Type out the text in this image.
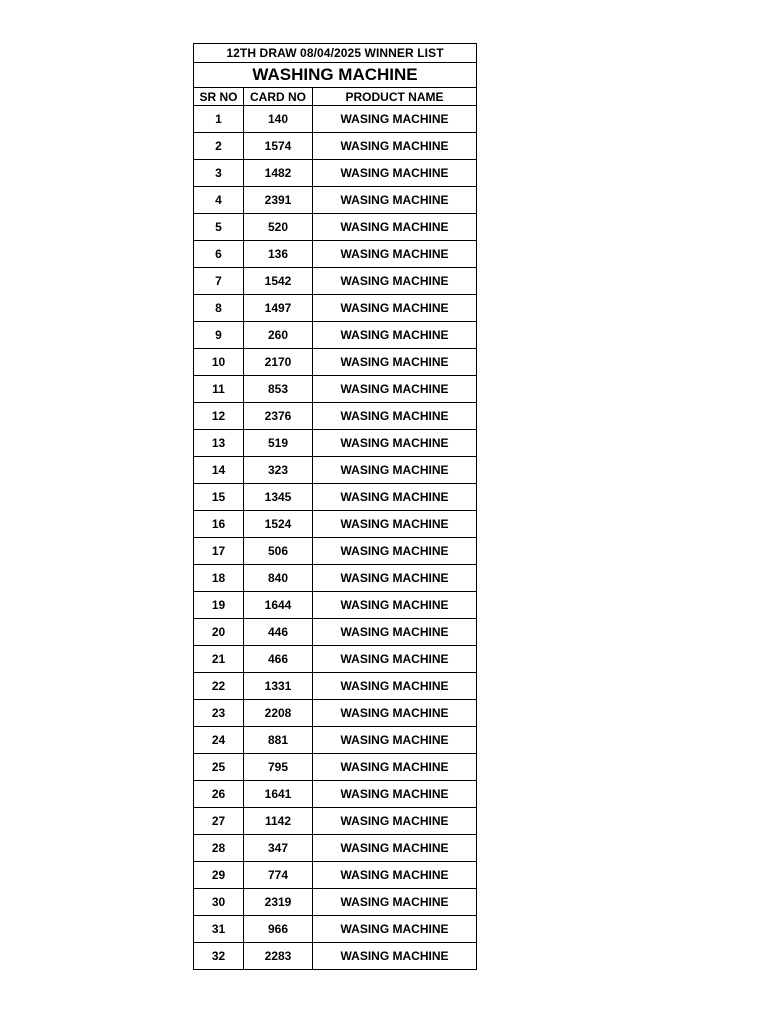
12TH DRAW 08/04/2025 WINNER LIST		
WASHING MACHINE		
SR NO	CARD NO	PRODUCT NAME
1	140	WASING MACHINE
2	1574	WASING MACHINE
3	1482	WASING MACHINE
4	2391	WASING MACHINE
5	520	WASING MACHINE
6	136	WASING MACHINE
7	1542	WASING MACHINE
8	1497	WASING MACHINE
9	260	WASING MACHINE
10	2170	WASING MACHINE
11	853	WASING MACHINE
12	2376	WASING MACHINE
13	519	WASING MACHINE
14	323	WASING MACHINE
15	1345	WASING MACHINE
16	1524	WASING MACHINE
17	506	WASING MACHINE
18	840	WASING MACHINE
19	1644	WASING MACHINE
20	446	WASING MACHINE
21	466	WASING MACHINE
22	1331	WASING MACHINE
23	2208	WASING MACHINE
24	881	WASING MACHINE
25	795	WASING MACHINE
26	1641	WASING MACHINE
27	1142	WASING MACHINE
28	347	WASING MACHINE
29	774	WASING MACHINE
30	2319	WASING MACHINE
31	966	WASING MACHINE
32	2283	WASING MACHINE
